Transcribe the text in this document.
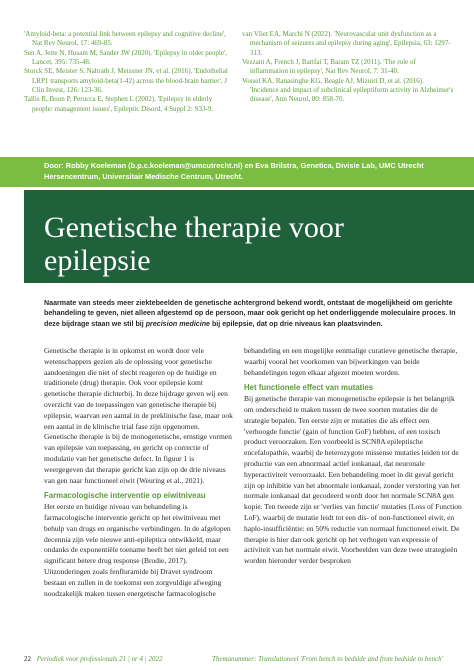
'Amyloid-beta: a potential link between epilepsy and cognitive decline', Nat Rev Neurol, 17: 469-85.

Sen A, Jette N, Husain M, Sander JW (2020). 'Epilepsy in older people', Lancet, 395: 735-48.

Storck SE, Meister S, Nahrath J, Meissner JN, et al. (2016). 'Endothelial LRP1 transports amyloid-beta(1-42) across the blood-brain barrier', J Clin Invest, 126: 123-36.

Tallis R, Boon P, Perucca E, Stephen L (2002). 'Epilepsy in elderly people: management issues', Epileptic Disord, 4 Suppl 2: S33-9.

van Vliet EA, Marchi N (2022). 'Neurovascular unit dysfunction as a mechanism of seizures and epilepsy during aging', Epilepsia, 63: 1297-313.

Vezzani A, French J, Bartfai T, Baram TZ (2011). 'The role of inflammation in epilepsy', Nat Rev Neurol, 7: 31-40.

Vossel KA, Ranasinghe KG, Beagle AJ, Mizuiri D, et al. (2016). 'Incidence and impact of subclinical epileptiform activity in Alzheimer's disease', Ann Neurol, 80: 858-70.

Door: Robby Koeleman (b.p.c.koeleman@umcutrecht.nl) en Eva Brilstra, Genetica, Divisie Lab, UMC Utrecht Hersencentrum, Universitair Medische Centrum, Utrecht.
Genetische therapie voor
epilepsie

Naarmate van steeds meer ziektebeelden de genetische achtergrond bekend wordt, ontstaat de mogelijkheid om gerichte behandeling te geven, niet alleen afgestemd op de persoon, maar ook gericht op het onderliggende moleculaire proces. In deze bijdrage staan we stil bij precision medicine bij epilepsie, dat op drie niveaus kan plaatsvinden.

Genetische therapie is in opkomst en wordt door vele wetenschappers gezien als de oplossing voor genetische aandoeningen die niet of slecht reageren op de huidige en traditionele (drug) therapie. Ook voor epilepsie komt genetische therapie dichterbij. In deze bijdrage geven wij een overzicht van de toepassingen van genetische therapie bij epilepsie, waarvan een aantal in de preklinische fase, maar ook een aantal in de klinische trial fase zijn opgenomen. Genetische therapie is bij de monogenetische, ernstige vormen van epilepsie van toepassing, en gericht op correctie of modulatie van het genetische defect. In figuur 1 is weergegeven dat therapie gericht kan zijn op de drie niveaus van gen naar functioneel eiwit (Weuring et al., 2021).

Farmacologische interventie op eiwitniveau

Het eerste en huidige niveau van behandeling is farmacologische interventie gericht op het eiwitniveau met behulp van drugs en organische verbindingen. In de afgelopen decennia zijn vele nieuwe anti-epileptica ontwikkeld, maar ondanks de exponentiële toename heeft het niet geleid tot een significant betere drug response (Brodie, 2017). Uitzonderingen zoals fenfluramide bij Dravet syndroom bestaan en zullen in de toekomst een zorgvuldige afweging noodzakelijk maken tussen energetische farmacologische

behandeling en een mogelijke eenmalige curatieve genetische therapie, waarbij vooral het voorkomen van bijwerkingen van beide behandelingen tegen elkaar afgezet moeten worden.

Het functionele effect van mutaties

Bij genetische therapie van monogenetische epilepsie is het belangrijk om onderscheid te maken tussen de twee soorten mutaties die de strategie bepalen. Ten eerste zijn er mutaties die als effect een 'verhoogde functie' (gain of function GoF) hebben, of een toxisch product veroorzaken. Een voorbeeld is SCN8A epileptische encefalopathie, waarbij de heterozygote missense mutaties leiden tot de productie van een abnormaal actief ionkanaal, dat neuronale hyperactiviteit veroorzaakt. Een behandeling moet in dit geval gericht zijn op inhibitie van het abnormale ionkanaal, zonder verstoring van het normale ionkanaal dat gecodeerd wordt door het normale SCN8A gen kopie. Ten tweede zijn er 'verlies van functie' mutaties (Loss of Function LoF), waarbij de mutatie leidt tot een dis- of non-functioneel eiwit, en haplo-insufficiëntie: en 50% reductie van normaal functioneel eiwit. De therapie is hier dan ook gericht op het verhogen van expressie of activiteit van het normale eiwit. Voorbeelden van deze twee strategieën worden hieronder verder besproken

22 Periodiek voor professionals 21 | nr 4 | 2022	Themanummer: Translationeel 'From bench to bedside and from bedside to bench'
